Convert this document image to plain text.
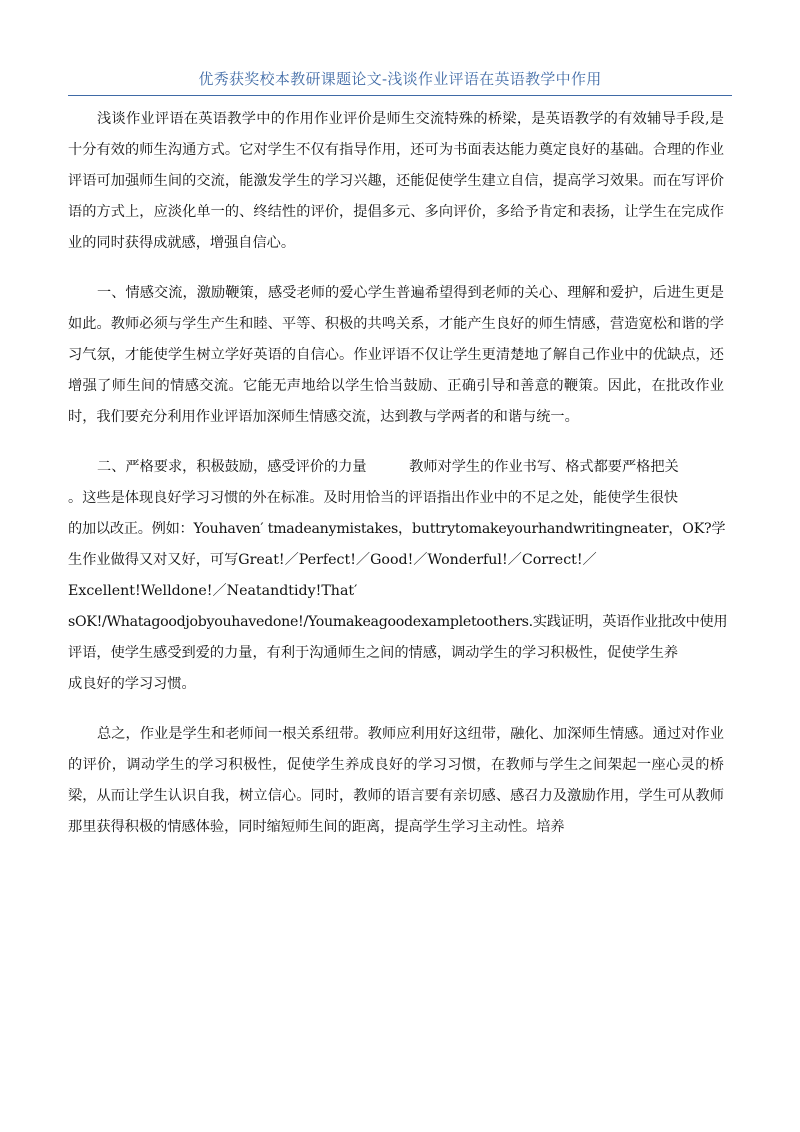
优秀获奖校本教研课题论文-浅谈作业评语在英语教学中作用

浅谈作业评语在英语教学中的作用作业评价是师生交流特殊的桥梁，是英语教学的有效辅导手段,是十分有效的师生沟通方式。它对学生不仅有指导作用，还可为书面表达能力奠定良好的基础。合理的作业评语可加强师生间的交流，能激发学生的学习兴趣，还能促使学生建立自信，提高学习效果。而在写评价语的方式上，应淡化单一的、终结性的评价，提倡多元、多向评价，多给予肯定和表扬，让学生在完成作业的同时获得成就感，增强自信心。

一、情感交流，激励鞭策，感受老师的爱心学生普遍希望得到老师的关心、理解和爱护，后进生更是如此。教师必须与学生产生和睦、平等、积极的共鸣关系，才能产生良好的师生情感，营造宽松和谐的学习气氛，才能使学生树立学好英语的自信心。作业评语不仅让学生更清楚地了解自己作业中的优缺点，还增强了师生间的情感交流。它能无声地给以学生恰当鼓励、正确引导和善意的鞭策。因此，在批改作业时，我们要充分利用作业评语加深师生情感交流，达到教与学两者的和谐与统一。

二、严格要求，积极鼓励，感受评价的力量　　　教师对学生的作业书写、格式都要严格把关
。这些是体现良好学习习惯的外在标准。及时用恰当的评语指出作业中的不足之处，能使学生很快
的加以改正。例如：Youhaven′ tmadeanymistakes，buttrytomakeyourhandwritingneater，OK?学
生作业做得又对又好，可写Great!／Perfect!／Good!／Wonderful!／Correct!／
Excellent!Welldone!／Neatandtidy!That′
sOK!/Whatagoodjobyouhavedone!/Youmakeagoodexampletoothers.实践证明，英语作业批改中使用
评语，使学生感受到爱的力量，有利于沟通师生之间的情感，调动学生的学习积极性，促使学生养
成良好的学习习惯。

总之，作业是学生和老师间一根关系纽带。教师应利用好这纽带，融化、加深师生情感。通过对作业的评价，调动学生的学习积极性，促使学生养成良好的学习习惯，在教师与学生之间架起一座心灵的桥梁，从而让学生认识自我，树立信心。同时，教师的语言要有亲切感、感召力及激励作用，学生可从教师那里获得积极的情感体验，同时缩短师生间的距离，提高学生学习主动性。培养
